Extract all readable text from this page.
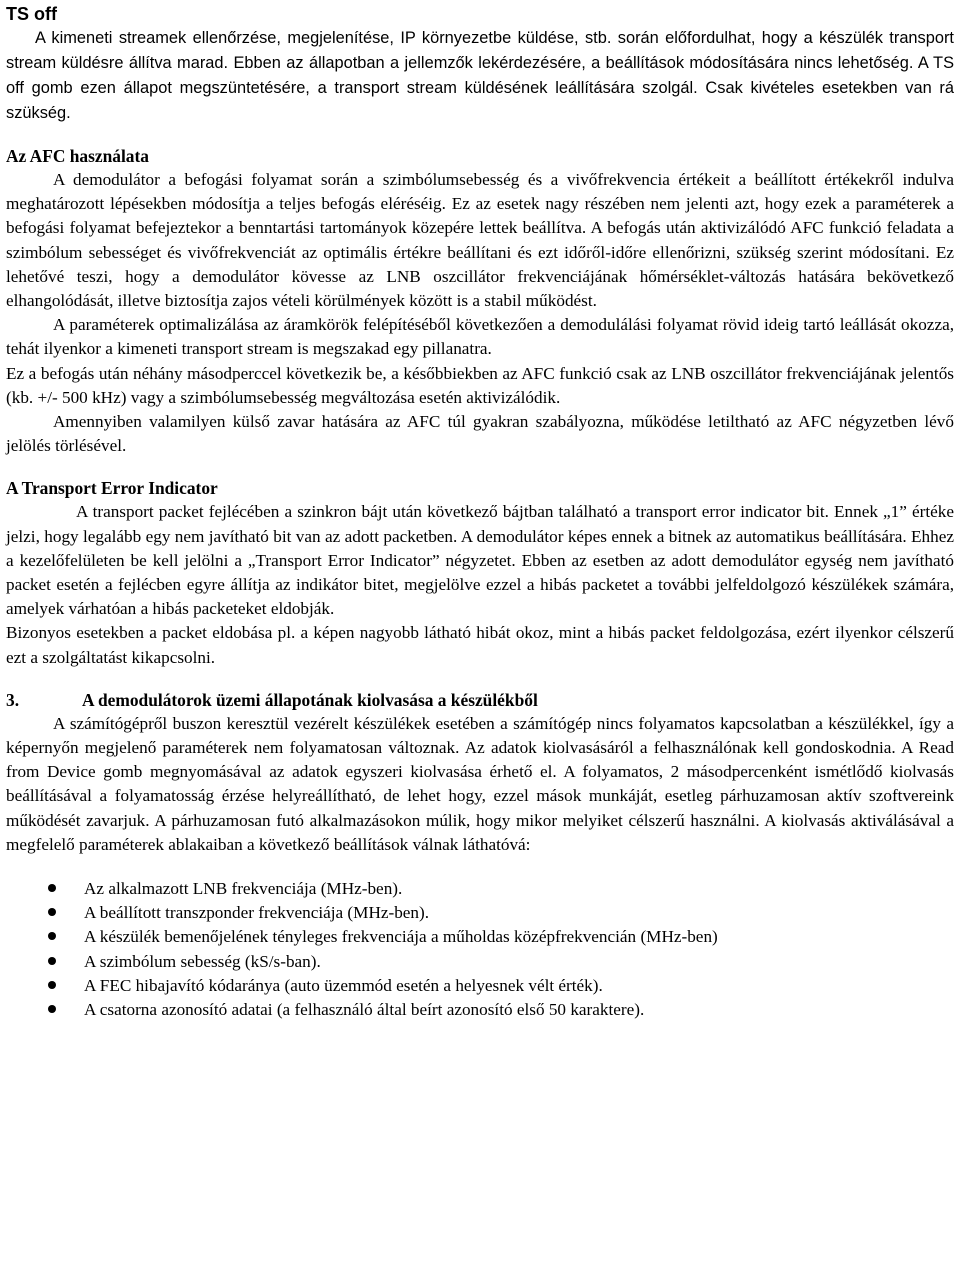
TS off

A kimeneti streamek ellenőrzése, megjelenítése, IP környezetbe küldése, stb. során előfordulhat, hogy a készülék transport stream küldésre állítva marad. Ebben az állapotban a jellemzők lekérdezésére, a beállítások módosítására nincs lehetőség. A TS off gomb ezen állapot megszüntetésére, a transport stream küldésének leállítására szolgál. Csak kivételes esetekben van rá szükség.

Az AFC használata

A demodulátor a befogási folyamat során a szimbólumsebesség és a vivőfrekvencia értékeit a beállított értékekről indulva meghatározott lépésekben módosítja a teljes befogás eléréséig. Ez az esetek nagy részében nem jelenti azt, hogy ezek a paraméterek a befogási folyamat befejeztekor a benntartási tartományok közepére lettek beállítva. A befogás után aktivizálódó AFC funkció feladata a szimbólum sebességet és vivőfrekvenciát az optimális értékre beállítani és ezt időről-időre ellenőrizni, szükség szerint módosítani. Ez lehetővé teszi, hogy a demodulátor kövesse az LNB oszcillátor frekvenciájának hőmérséklet-változás hatására bekövetkező elhangolódását, illetve biztosítja zajos vételi körülmények között is a stabil működést.

A paraméterek optimalizálása az áramkörök felépítéséből következően a demodulálási folyamat rövid ideig tartó leállását okozza, tehát ilyenkor a kimeneti transport stream is megszakad egy pillanatra.

Ez a befogás után néhány másodperccel következik be, a későbbiekben az AFC funkció csak az LNB oszcillátor frekvenciájának jelentős (kb. +/- 500 kHz) vagy a szimbólumsebesség megváltozása esetén aktivizálódik.

Amennyiben valamilyen külső zavar hatására az AFC túl gyakran szabályozna, működése letiltható az AFC négyzetben lévő jelölés törlésével.

A Transport Error Indicator

A transport packet fejlécében a szinkron bájt után következő bájtban található a transport error indicator bit. Ennek „1” értéke jelzi, hogy legalább egy nem javítható bit van az adott packetben. A demodulátor képes ennek a bitnek az automatikus beállítására. Ehhez a kezelőfelületen be kell jelölni a „Transport Error Indicator” négyzetet. Ebben az esetben az adott demodulátor egység nem javítható packet esetén a fejlécben egyre állítja az indikátor bitet, megjelölve ezzel a hibás packetet a további jelfeldolgozó készülékek számára, amelyek várhatóan a hibás packeteket eldobják.

Bizonyos esetekben a packet eldobása pl. a képen nagyobb látható hibát okoz, mint a hibás packet feldolgozása, ezért ilyenkor célszerű ezt a szolgáltatást kikapcsolni.

3.	A demodulátorok üzemi állapotának kiolvasása a készülékből

A számítógépről buszon keresztül vezérelt készülékek esetében a számítógép nincs folyamatos kapcsolatban a készülékkel, így a képernyőn megjelenő paraméterek nem folyamatosan változnak. Az adatok kiolvasásáról a felhasználónak kell gondoskodnia. A Read from Device gomb megnyomásával az adatok egyszeri kiolvasása érhető el. A folyamatos, 2 másodpercenként ismétlődő kiolvasás beállításával a folyamatosság érzése helyreállítható, de lehet hogy, ezzel mások munkáját, esetleg párhuzamosan aktív szoftvereink működését zavarjuk. A párhuzamosan futó alkalmazásokon múlik, hogy mikor melyiket célszerű használni. A kiolvasás aktiválásával a megfelelő paraméterek ablakaiban a következő beállítások válnak láthatóvá:

Az alkalmazott LNB frekvenciája (MHz-ben).
A beállított transzponder frekvenciája (MHz-ben).
A készülék bemenőjelének tényleges frekvenciája a műholdas középfrekvencián (MHz-ben)
A szimbólum sebesség (kS/s-ban).
A FEC hibajavító kódaránya (auto üzemmód esetén a helyesnek vélt érték).
A csatorna azonosító adatai (a felhasználó által beírt azonosító első 50 karaktere).
